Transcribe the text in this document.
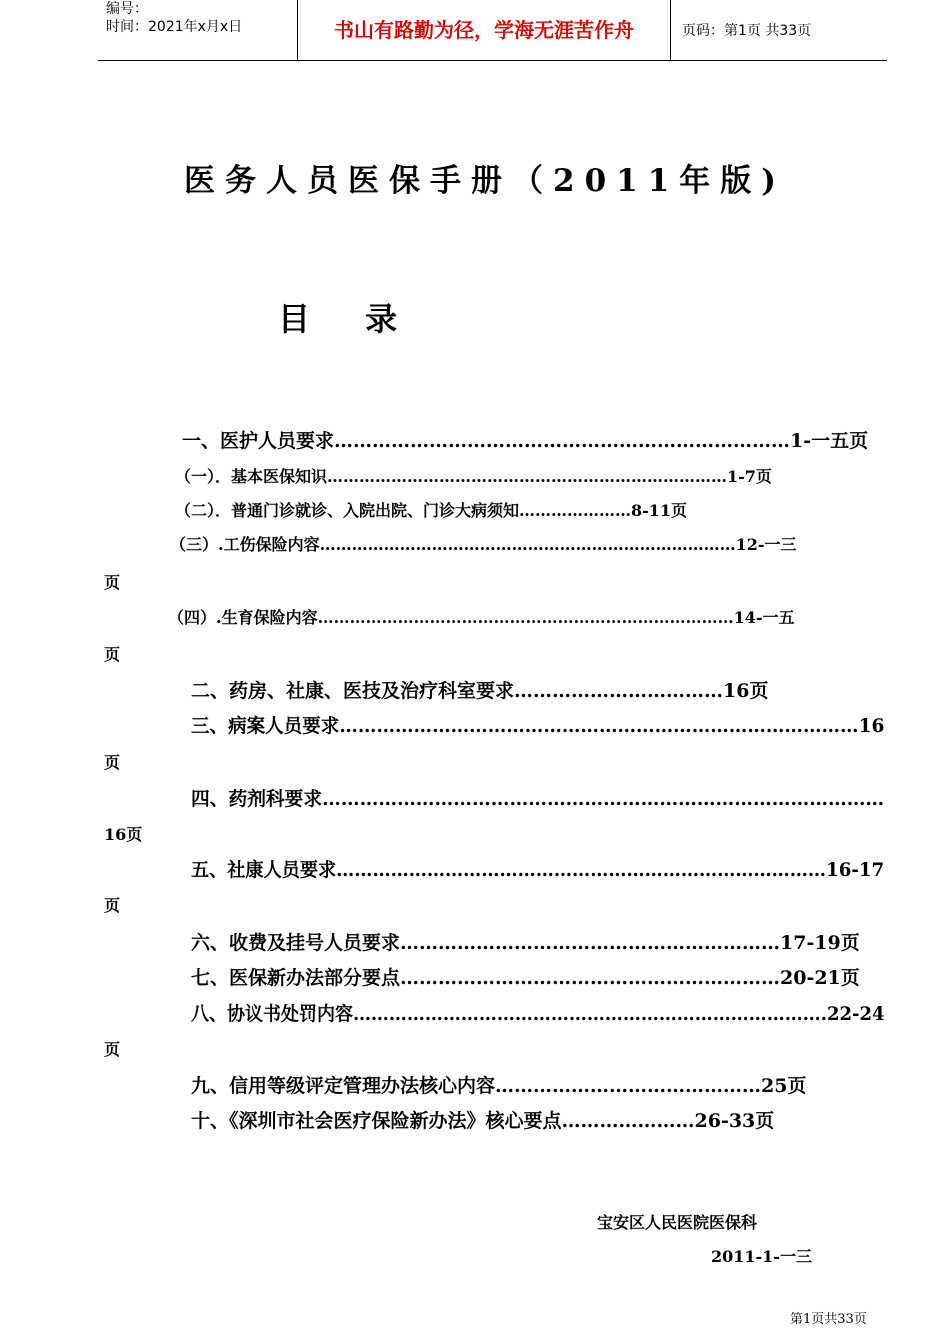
编号：
时间：2021年x月x日	书山有路勤为径，学海无涯苦作舟	页码：第1页 共33页
医务人员医保手册（2011年版)
目 录
一、医护人员要求………………………………………………………………1-一五页
（一）．基本医保知识…………………………………………………………………1-7页
（二）．普通门诊就诊、入院出院、门诊大病须知…………………8-11页
（三）.工伤保险内容……………………………………………………………………12-一三
页
（四）.生育保险内容……………………………………………………………………14-一五
页
二、药房、社康、医技及治疗科室要求……………………………16页
三、病案人员要求…………………………………………………………………………16
页
四、药剂科要求………………………………………………………………………………
16页
五、社康人员要求………………………………………………………………………16-17
页
六、收费及挂号人员要求……………………………………………………17-19页
七、医保新办法部分要点……………………………………………………20-21页
八、协议书处罚内容…………………………………………………………………….22-24
页
九、信用等级评定管理办法核心内容……………………………………25页
十、《深圳市社会医疗保险新办法》核心要点…………………26-33页
宝安区人民医院医保科
2011-1-一三
第1页共33页
